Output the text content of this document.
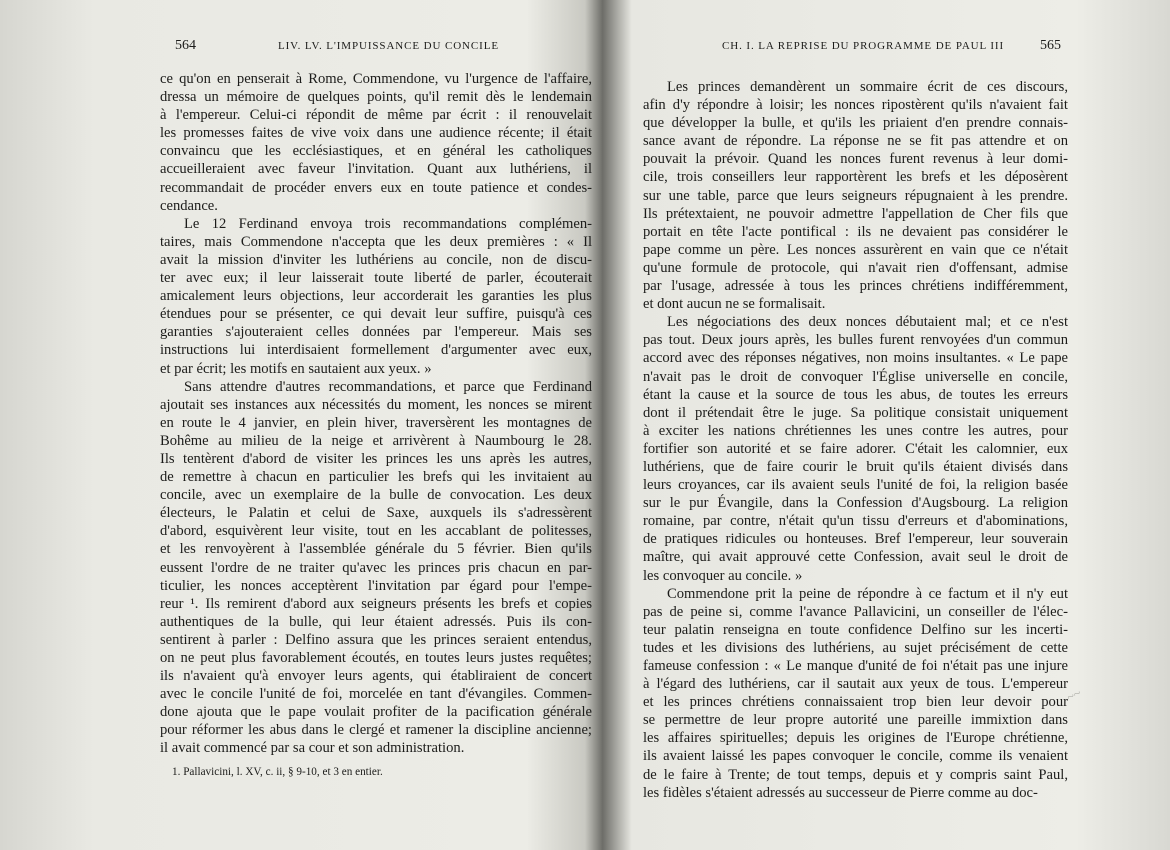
564	LIV. LV. L'IMPUISSANCE DU CONCILE
ce qu'on en penserait à Rome, Commendone, vu l'urgence de l'affaire,
dressa un mémoire de quelques points, qu'il remit dès le lendemain
à l'empereur. Celui-ci répondit de même par écrit : il renouvelait
les promesses faites de vive voix dans une audience récente; il était
convaincu que les ecclésiastiques, et en général les catholiques
accueilleraient avec faveur l'invitation. Quant aux luthériens, il
recommandait de procéder envers eux en toute patience et condes-
cendance.
Le 12 Ferdinand envoya trois recommandations complémen-
taires, mais Commendone n'accepta que les deux premières : « Il
avait la mission d'inviter les luthériens au concile, non de discu-
ter avec eux; il leur laisserait toute liberté de parler, écouterait
amicalement leurs objections, leur accorderait les garanties les plus
étendues pour se présenter, ce qui devait leur suffire, puisqu'à ces
garanties s'ajouteraient celles données par l'empereur. Mais ses
instructions lui interdisaient formellement d'argumenter avec eux,
et par écrit; les motifs en sautaient aux yeux. »
Sans attendre d'autres recommandations, et parce que Ferdinand
ajoutait ses instances aux nécessités du moment, les nonces se mirent
en route le 4 janvier, en plein hiver, traversèrent les montagnes de
Bohême au milieu de la neige et arrivèrent à Naumbourg le 28.
Ils tentèrent d'abord de visiter les princes les uns après les autres,
de remettre à chacun en particulier les brefs qui les invitaient au
concile, avec un exemplaire de la bulle de convocation. Les deux
électeurs, le Palatin et celui de Saxe, auxquels ils s'adressèrent
d'abord, esquivèrent leur visite, tout en les accablant de politesses,
et les renvoyèrent à l'assemblée générale du 5 février. Bien qu'ils
eussent l'ordre de ne traiter qu'avec les princes pris chacun en par-
ticulier, les nonces acceptèrent l'invitation par égard pour l'empe-
reur ¹. Ils remirent d'abord aux seigneurs présents les brefs et copies
authentiques de la bulle, qui leur étaient adressés. Puis ils con-
sentirent à parler : Delfino assura que les princes seraient entendus,
on ne peut plus favorablement écoutés, en toutes leurs justes requêtes;
ils n'avaient qu'à envoyer leurs agents, qui établiraient de concert
avec le concile l'unité de foi, morcelée en tant d'évangiles. Commen-
done ajouta que le pape voulait profiter de la pacification générale
pour réformer les abus dans le clergé et ramener la discipline ancienne;
il avait commencé par sa cour et son administration.
1. Pallavicini, l. XV, c. ii, § 9-10, et 3 en entier.
CH. I. LA REPRISE DU PROGRAMME DE PAUL III	565
Les princes demandèrent un sommaire écrit de ces discours,
afin d'y répondre à loisir; les nonces ripostèrent qu'ils n'avaient fait
que développer la bulle, et qu'ils les priaient d'en prendre connais-
sance avant de répondre. La réponse ne se fit pas attendre et on
pouvait la prévoir. Quand les nonces furent revenus à leur domi-
cile, trois conseillers leur rapportèrent les brefs et les déposèrent
sur une table, parce que leurs seigneurs répugnaient à les prendre.
Ils prétextaient, ne pouvoir admettre l'appellation de Cher fils que
portait en tête l'acte pontifical : ils ne devaient pas considérer le
pape comme un père. Les nonces assurèrent en vain que ce n'était
qu'une formule de protocole, qui n'avait rien d'offensant, admise
par l'usage, adressée à tous les princes chrétiens indifféremment,
et dont aucun ne se formalisait.
Les négociations des deux nonces débutaient mal; et ce n'est
pas tout. Deux jours après, les bulles furent renvoyées d'un commun
accord avec des réponses négatives, non moins insultantes. « Le pape
n'avait pas le droit de convoquer l'Église universelle en concile,
étant la cause et la source de tous les abus, de toutes les erreurs
dont il prétendait être le juge. Sa politique consistait uniquement
à exciter les nations chrétiennes les unes contre les autres, pour
fortifier son autorité et se faire adorer. C'était les calomnier, eux
luthériens, que de faire courir le bruit qu'ils étaient divisés dans
leurs croyances, car ils avaient seuls l'unité de foi, la religion basée
sur le pur Évangile, dans la Confession d'Augsbourg. La religion
romaine, par contre, n'était qu'un tissu d'erreurs et d'abominations,
de pratiques ridicules ou honteuses. Bref l'empereur, leur souverain
maître, qui avait approuvé cette Confession, avait seul le droit de
les convoquer au concile. »
Commendone prit la peine de répondre à ce factum et il n'y eut
pas de peine si, comme l'avance Pallavicini, un conseiller de l'élec-
teur palatin renseigna en toute confidence Delfino sur les incerti-
tudes et les divisions des luthériens, au sujet précisément de cette
fameuse confession : « Le manque d'unité de foi n'était pas une injure
à l'égard des luthériens, car il sautait aux yeux de tous. L'empereur
et les princes chrétiens connaissaient trop bien leur devoir pour
se permettre de leur propre autorité une pareille immixtion dans
les affaires spirituelles; depuis les origines de l'Europe chrétienne,
ils avaient laissé les papes convoquer le concile, comme ils venaient
de le faire à Trente; de tout temps, depuis et y compris saint Paul,
les fidèles s'étaient adressés au successeur de Pierre comme au doc-
~~
